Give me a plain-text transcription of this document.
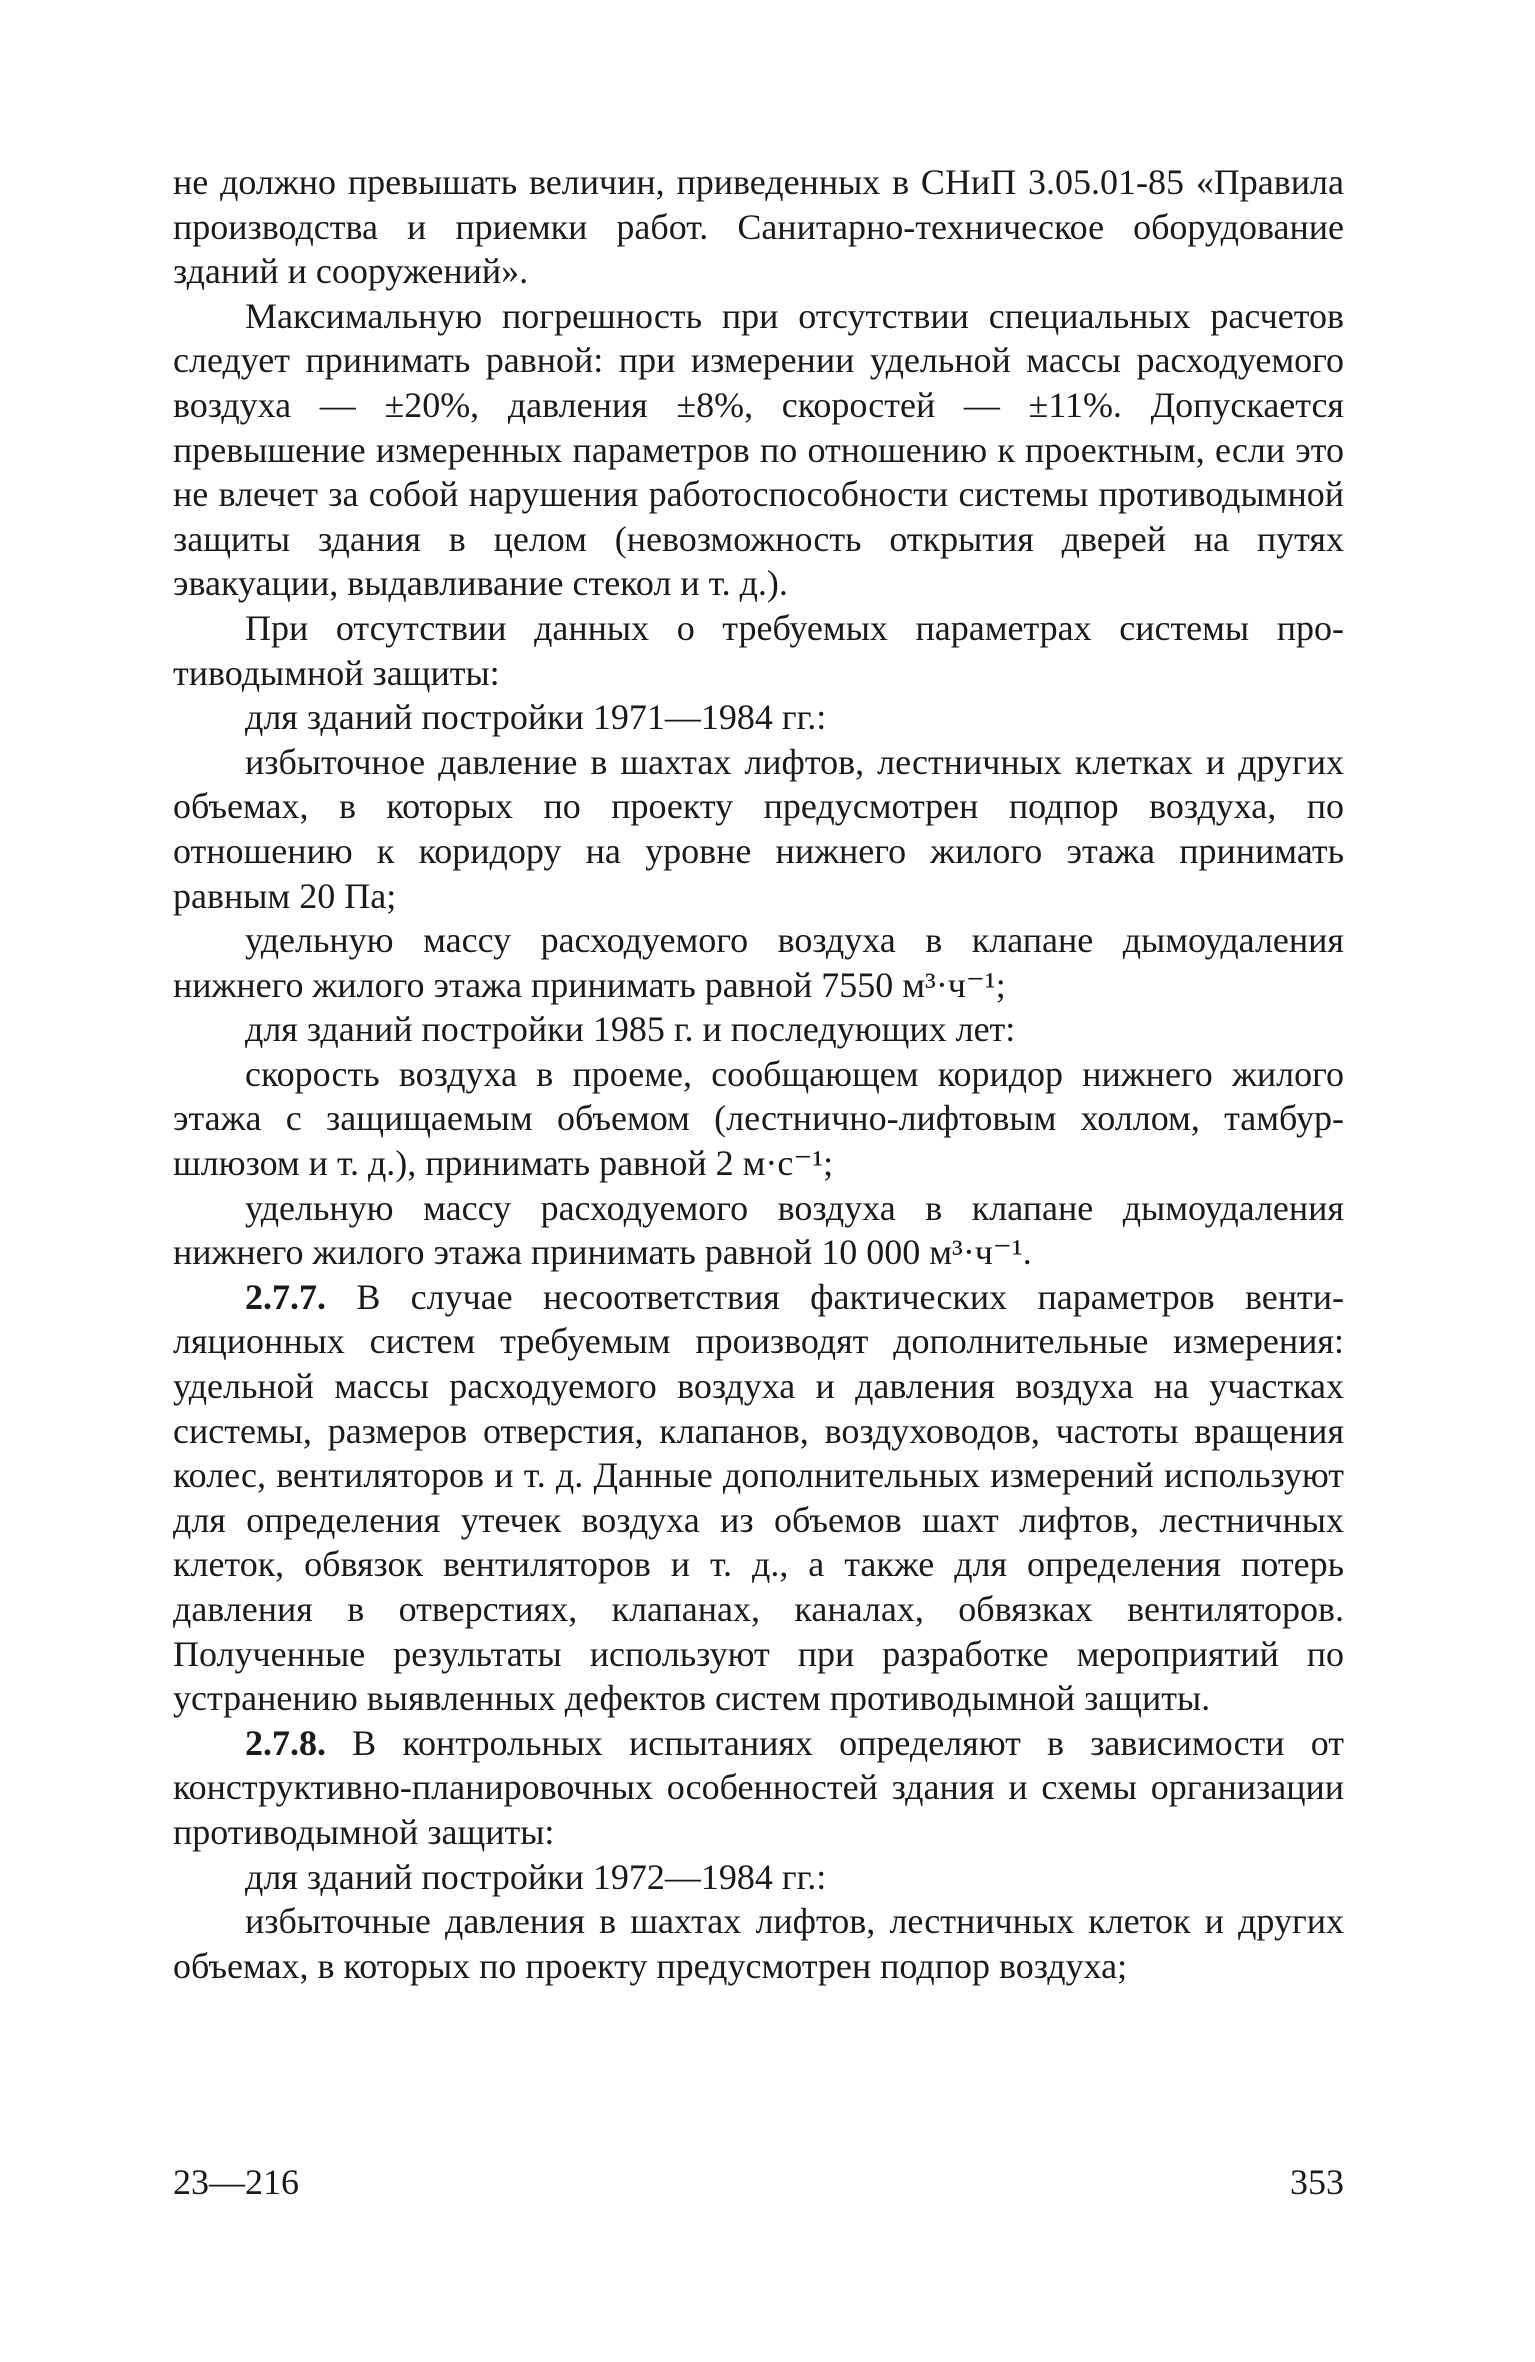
не должно превышать величин, приведенных в СНиП 3.05.01-85 «Правила производства и приемки работ. Санитарно-техническое оборудование зданий и сооружений».

Максимальную погрешность при отсутствии специальных расчетов следует принимать равной: при измерении удельной массы расходуемого воздуха — ±20%, давления ±8%, скоростей — ±11%. Допускается превышение измеренных параметров по отношению к проектным, если это не влечет за собой нарушения работоспособности системы противодымной защиты здания в целом (невозможность открытия дверей на путях эвакуации, выдавливание стекол и т. д.).

При отсутствии данных о требуемых параметрах системы противодымной защиты:

для зданий постройки 1971—1984 гг.:

избыточное давление в шахтах лифтов, лестничных клетках и других объемах, в которых по проекту предусмотрен подпор воздуха, по отношению к коридору на уровне нижнего жилого этажа принимать равным 20 Па;

удельную массу расходуемого воздуха в клапане дымоудаления нижнего жилого этажа принимать равной 7550 м³·ч⁻¹;

для зданий постройки 1985 г. и последующих лет:

скорость воздуха в проеме, сообщающем коридор нижнего жилого этажа с защищаемым объемом (лестнично-лифтовым холлом, тамбур-шлюзом и т. д.), принимать равной 2 м·с⁻¹;

удельную массу расходуемого воздуха в клапане дымоудаления нижнего жилого этажа принимать равной 10 000 м³·ч⁻¹.

2.7.7. В случае несоответствия фактических параметров вентиляционных систем требуемым производят дополнительные измерения: удельной массы расходуемого воздуха и давления воздуха на участках системы, размеров отверстия, клапанов, воздуховодов, частоты вращения колес, вентиляторов и т. д. Данные дополнительных измерений используют для определения утечек воздуха из объемов шахт лифтов, лестничных клеток, обвязок вентиляторов и т. д., а также для определения потерь давления в отверстиях, клапанах, каналах, обвязках вентиляторов. Полученные результаты используют при разработке мероприятий по устранению выявленных дефектов систем противодымной защиты.

2.7.8. В контрольных испытаниях определяют в зависимости от конструктивно-планировочных особенностей здания и схемы организации противодымной защиты:

для зданий постройки 1972—1984 гг.:

избыточные давления в шахтах лифтов, лестничных клеток и других объемах, в которых по проекту предусмотрен подпор воздуха;

23—216	353
